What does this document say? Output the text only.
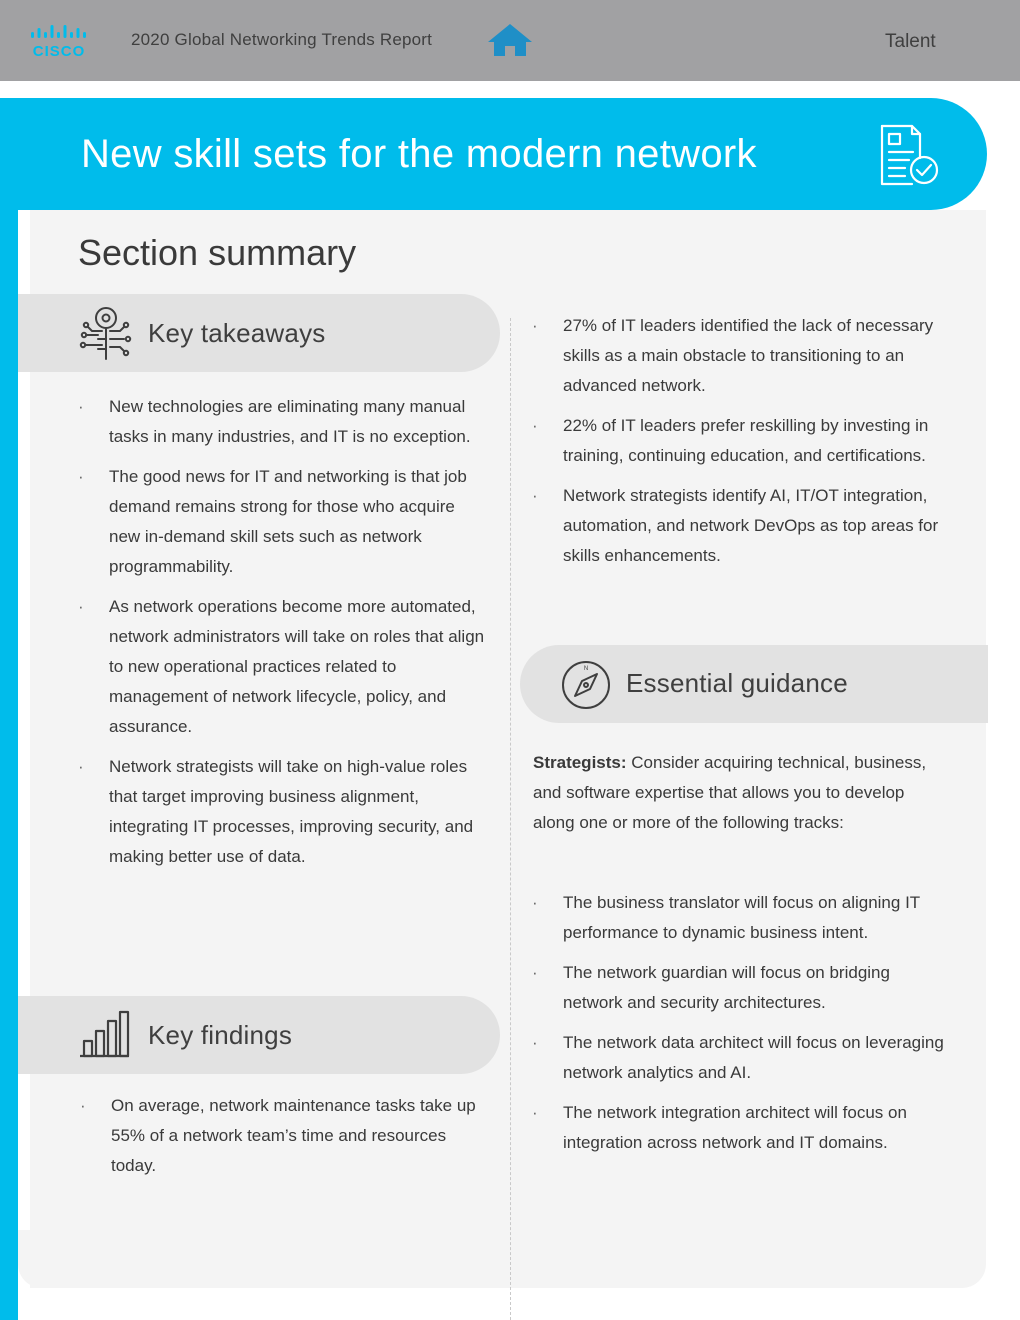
CISCO
2020 Global Networking Trends Report	Talent
New skill sets for the modern network
Section summary
Key takeaways
· New technologies are eliminating many manual tasks in many industries, and IT is no exception.
· The good news for IT and networking is that job demand remains strong for those who acquire new in-demand skill sets such as network programmability.
· As network operations become more automated, network administrators will take on roles that align to new operational practices related to management of network lifecycle, policy, and assurance.
· Network strategists will take on high-value roles that target improving business alignment, integrating IT processes, improving security, and making better use of data.
Key findings
· On average, network maintenance tasks take up 55% of a network team’s time and resources today.
· 27% of IT leaders identified the lack of necessary skills as a main obstacle to transitioning to an advanced network.
· 22% of IT leaders prefer reskilling by investing in training, continuing education, and certifications.
· Network strategists identify AI, IT/OT integration, automation, and network DevOps as top areas for skills enhancements.
N Essential guidance
Strategists: Consider acquiring technical, business, and software expertise that allows you to develop along one or more of the following tracks:
· The business translator will focus on aligning IT performance to dynamic business intent.
· The network guardian will focus on bridging network and security architectures.
· The network data architect will focus on leveraging network analytics and AI.
· The network integration architect will focus on integration across network and IT domains.
